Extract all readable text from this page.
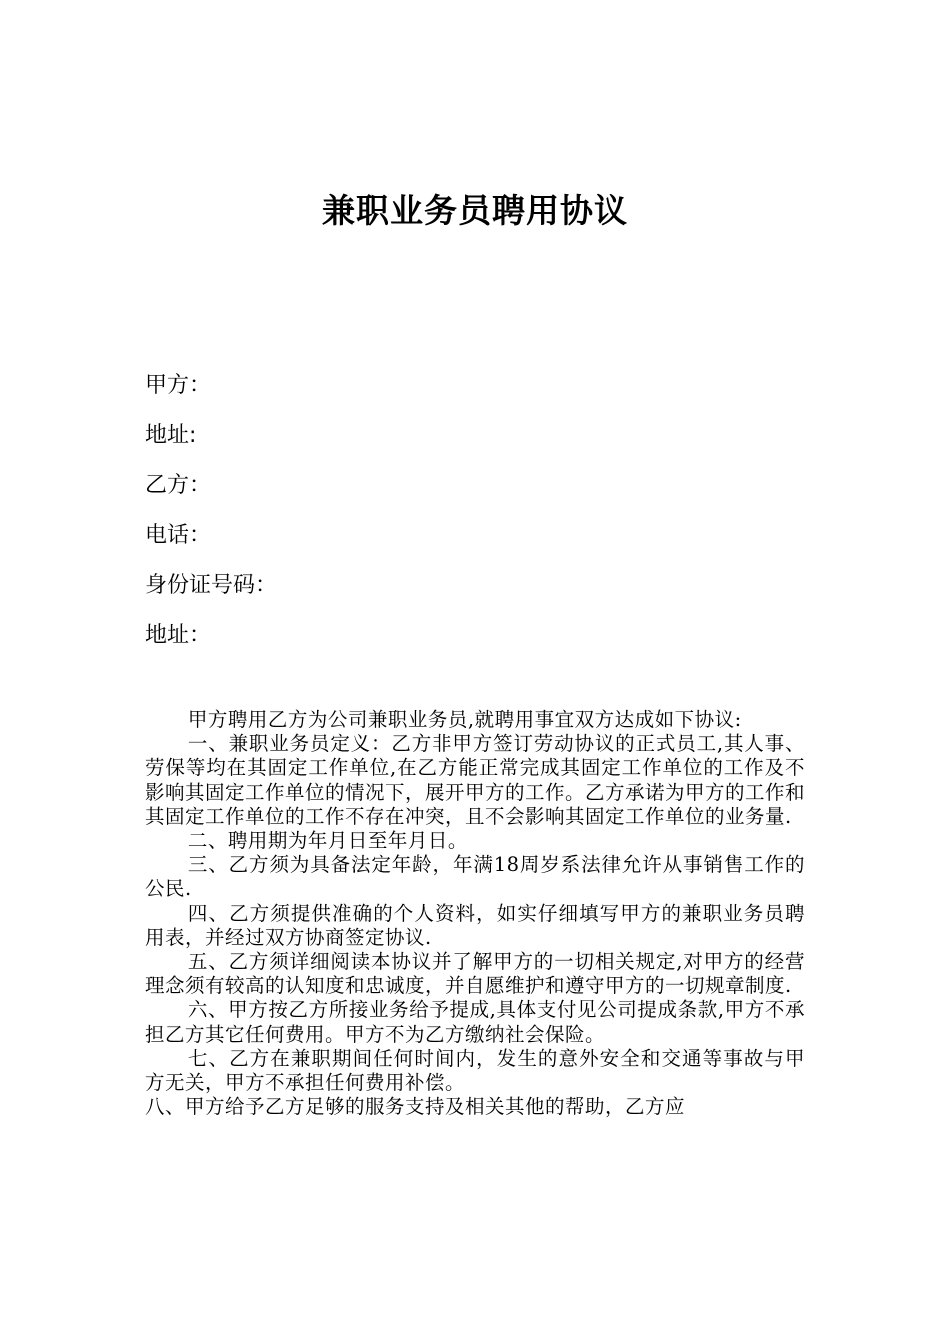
兼职业务员聘用协议
甲方：
地址:
乙方：
电话：
身份证号码：
地址：

甲方聘用乙方为公司兼职业务员,就聘用事宜双方达成如下协议:

一、兼职业务员定义：乙方非甲方签订劳动协议的正式员工,其人事、劳保等均在其固定工作单位,在乙方能正常完成其固定工作单位的工作及不影响其固定工作单位的情况下，展开甲方的工作。乙方承诺为甲方的工作和其固定工作单位的工作不存在冲突，且不会影响其固定工作单位的业务量.

二、聘用期为年月日至年月日。

三、乙方须为具备法定年龄，年满18周岁系法律允许从事销售工作的公民.

四、乙方须提供准确的个人资料，如实仔细填写甲方的兼职业务员聘用表，并经过双方协商签定协议.

五、乙方须详细阅读本协议并了解甲方的一切相关规定,对甲方的经营理念须有较高的认知度和忠诚度，并自愿维护和遵守甲方的一切规章制度.

六、甲方按乙方所接业务给予提成,具体支付见公司提成条款,甲方不承担乙方其它任何费用。甲方不为乙方缴纳社会保险。

七、乙方在兼职期间任何时间内，发生的意外安全和交通等事故与甲方无关，甲方不承担任何费用补偿。

八、甲方给予乙方足够的服务支持及相关其他的帮助，乙方应
